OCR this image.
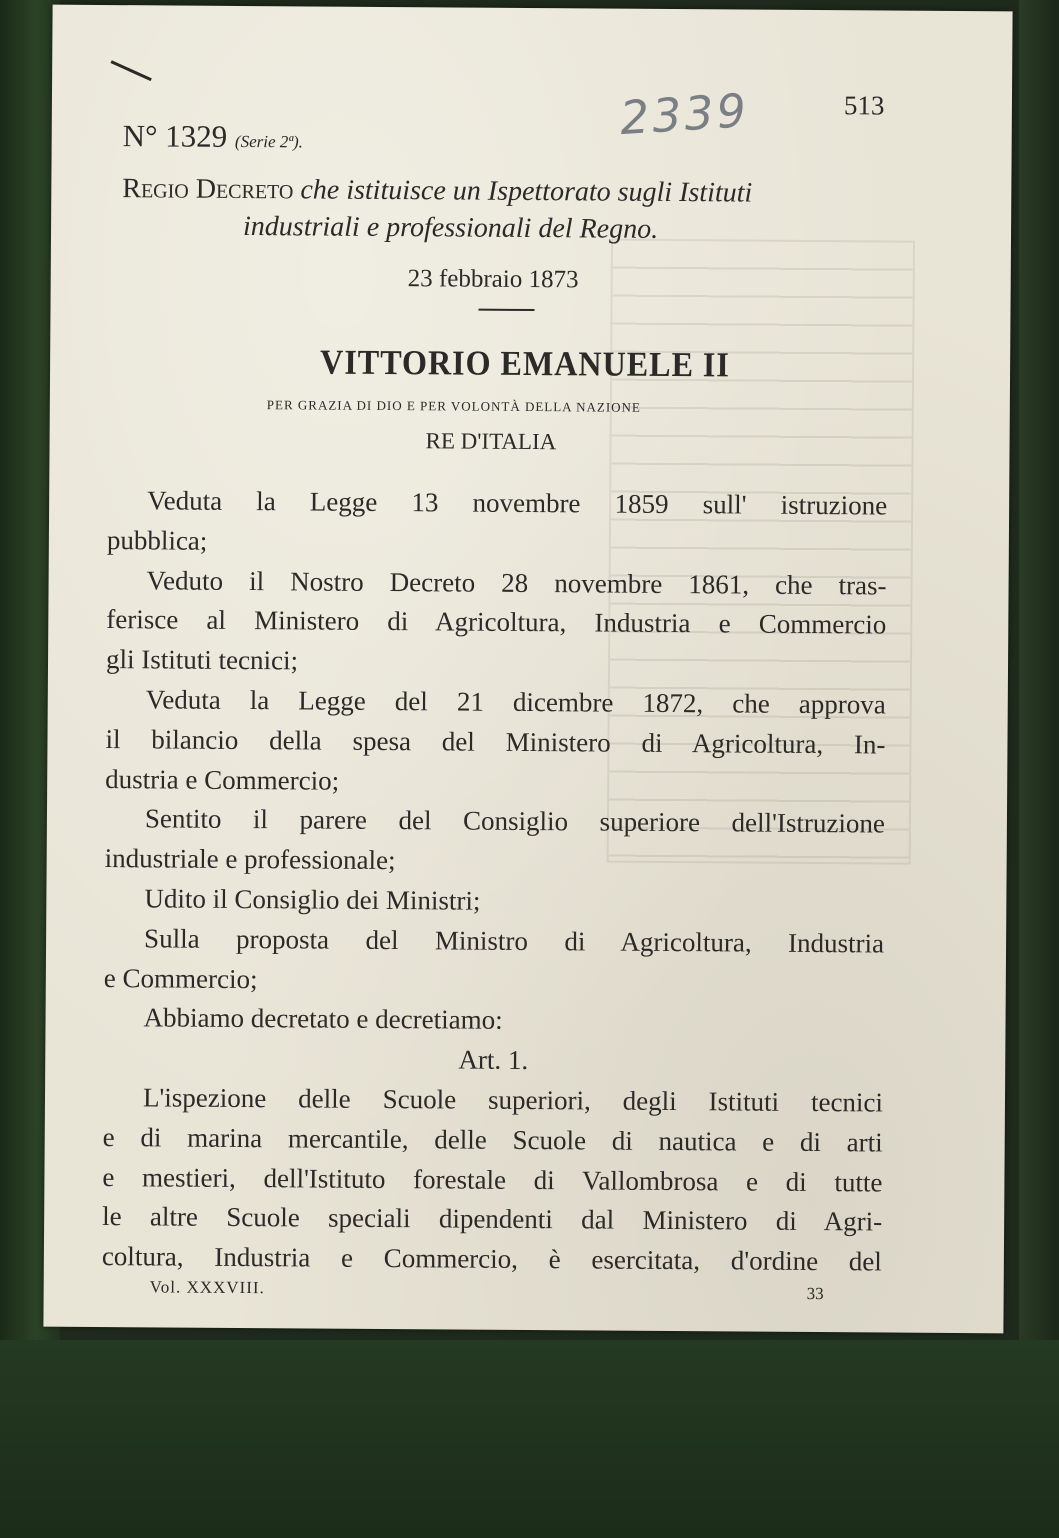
2339	513
N° 1329 (Serie 2ª).
Regio Decreto che istituisce un Ispettorato sugli Istituti
industriali e professionali del Regno.
23 febbraio 1873
VITTORIO EMANUELE II
PER GRAZIA DI DIO E PER VOLONTÀ DELLA NAZIONE
RE D'ITALIA
Veduta la Legge 13 novembre 1859 sull' istruzione
pubblica;
Veduto il Nostro Decreto 28 novembre 1861, che tras-
ferisce al Ministero di Agricoltura, Industria e Commercio
gli Istituti tecnici;
Veduta la Legge del 21 dicembre 1872, che approva
il bilancio della spesa del Ministero di Agricoltura, In-
dustria e Commercio;
Sentito il parere del Consiglio superiore dell'Istruzione
industriale e professionale;
Udito il Consiglio dei Ministri;
Sulla proposta del Ministro di Agricoltura, Industria
e Commercio;
Abbiamo decretato e decretiamo:
Art. 1.
L'ispezione delle Scuole superiori, degli Istituti tecnici
e di marina mercantile, delle Scuole di nautica e di arti
e mestieri, dell'Istituto forestale di Vallombrosa e di tutte
le altre Scuole speciali dipendenti dal Ministero di Agri-
coltura, Industria e Commercio, è esercitata, d'ordine del
Vol. XXXVIII.	33
